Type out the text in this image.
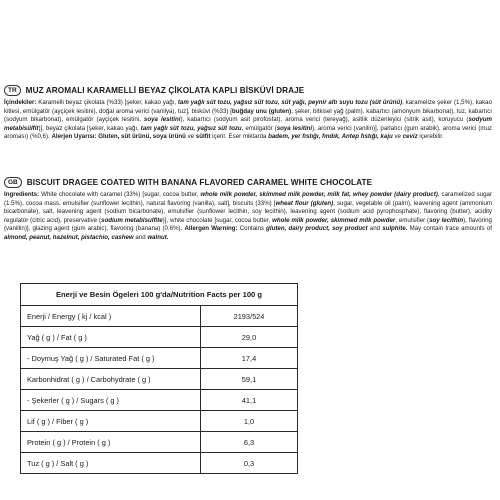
TR	MUZ AROMALI KARAMELLİ BEYAZ ÇİKOLATA KAPLI BİSKÜVİ DRAJE
İçindekiler: Karamelli beyaz çikolata (%33) [şeker, kakao yağı, tam yağlı süt tozu, yağsız süt tozu, süt yağı, peynir altı suyu tozu (süt ürünü), karamelize şeker (1,5%), kakao kitlesi, emülgatör (ayçiçek lesitini), doğal aroma verici (vanilya), tuz], bisküvi (%33) [buğday unu (gluten), şeker, bitkisel yağ (palm), kabartıcı (amonyum bikarbonat), tuz, kabartıcı (sodyum bikarbonat), emülgatör (ayçiçek lesitini, soya lesitini), kabartıcı (sodyum asit pirofosfat), aroma verici (tereyağ), asitlik düzenleyici (sitrik asit), koruyucu (sodyum metabisülfit)], beyaz çikolata [şeker, kakao yağı, tam yağlı süt tozu, yağsız süt tozu, emülgatör (soya lesitini), aroma verici (vanilin)], parlatıcı (gum arabik), aroma verici (muz aroması) (%0,6). Alerjen Uyarısı: Gluten, süt ürünü, soya ürünü ve sülfit içerir. Eser miktarda badem, yer fıstığı, fındık, Antep fıstığı, kaju ve ceviz içerebilir.
GB	BISCUIT DRAGEE COATED WITH BANANA FLAVORED CARAMEL WHITE CHOCOLATE
Ingredients: White chocolate with caramel (33%) [sugar, cocoa butter, whole milk powder, skimmed milk powder, milk fat, whey powder (dairy product), caramelized sugar (1.5%), cocoa mass, emulsifier (sunflower lecithin), natural flavoring (vanilla), salt], biscuits (33%) [wheat flour (gluten), sugar, vegetable oil (palm), leavening agent (ammonium bicarbonate), salt, leavening agent (sodium bicarbonate), emulsifier (sunflower lecithin, soy lecithin), leavening agent (sodium acid pyrophosphate), flavoring (butter), acidity regulator (citric acid), preservative (sodium metabisulfite)], white chocolate [sugar, cocoa butter, whole milk powder, skimmed milk powder, emulsifier (soy lecithin), flavoring (vanillin)], glazing agent (gum arabic), flavoring (banana) (0.6%). Allergen Warning: Contains gluten, dairy product, soy product and sulphite. May contain trace amounts of almond, peanut, hazelnut, pistachio, cashew and walnut.
Enerji ve Besin Ögeleri 100 g'da/Nutrition Facts per 100 g	
Enerji / Energy ( kj / kcal )	2193/524
Yağ ( g ) / Fat ( g )	29,0
- Doymuş Yağ ( g ) / Saturated Fat ( g )	17,4
Karbonhidrat ( g ) / Carbohydrate ( g )	59,1
- Şekerler ( g ) / Sugars ( g )	41,1
Lif ( g ) / Fiber ( g )	1,0
Protein ( g ) / Protein ( g )	6,3
Tuz ( g ) / Salt ( g )	0,3
